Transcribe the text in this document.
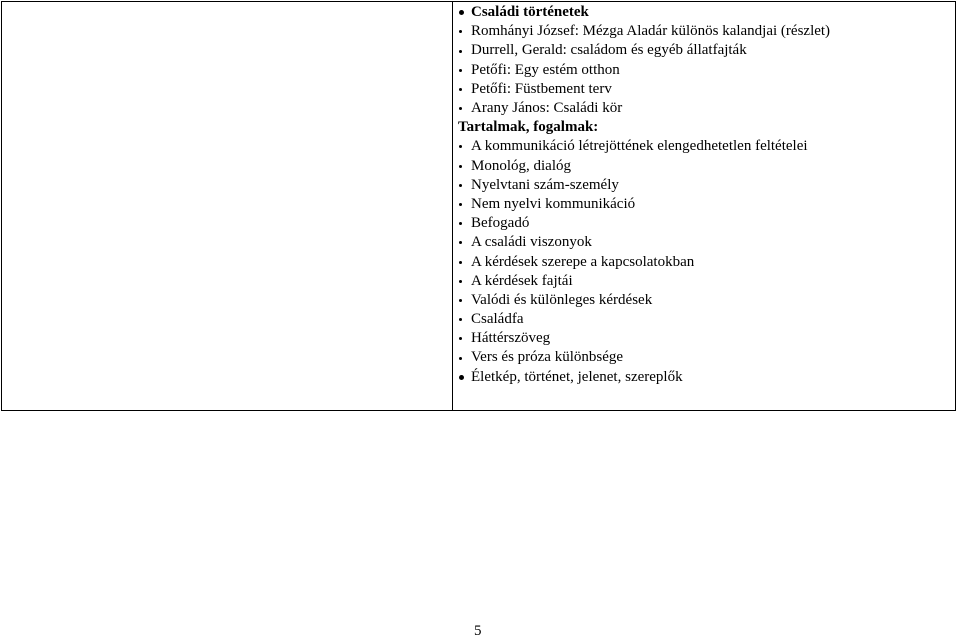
Családi történetek
Romhányi József: Mézga Aladár különös kalandjai (részlet)
Durrell, Gerald: családom és egyéb állatfajták
Petőfi: Egy estém otthon
Petőfi: Füstbement terv
Arany János: Családi kör
Tartalmak, fogalmak:
A kommunikáció létrejöttének elengedhetetlen feltételei
Monológ, dialóg
Nyelvtani szám-személy
Nem nyelvi kommunikáció
Befogadó
A családi viszonyok
A kérdések szerepe a kapcsolatokban
A kérdések fajtái
Valódi és különleges kérdések
Családfa
Háttérszöveg
Vers és próza különbsége
Életkép, történet, jelenet, szereplők
5
